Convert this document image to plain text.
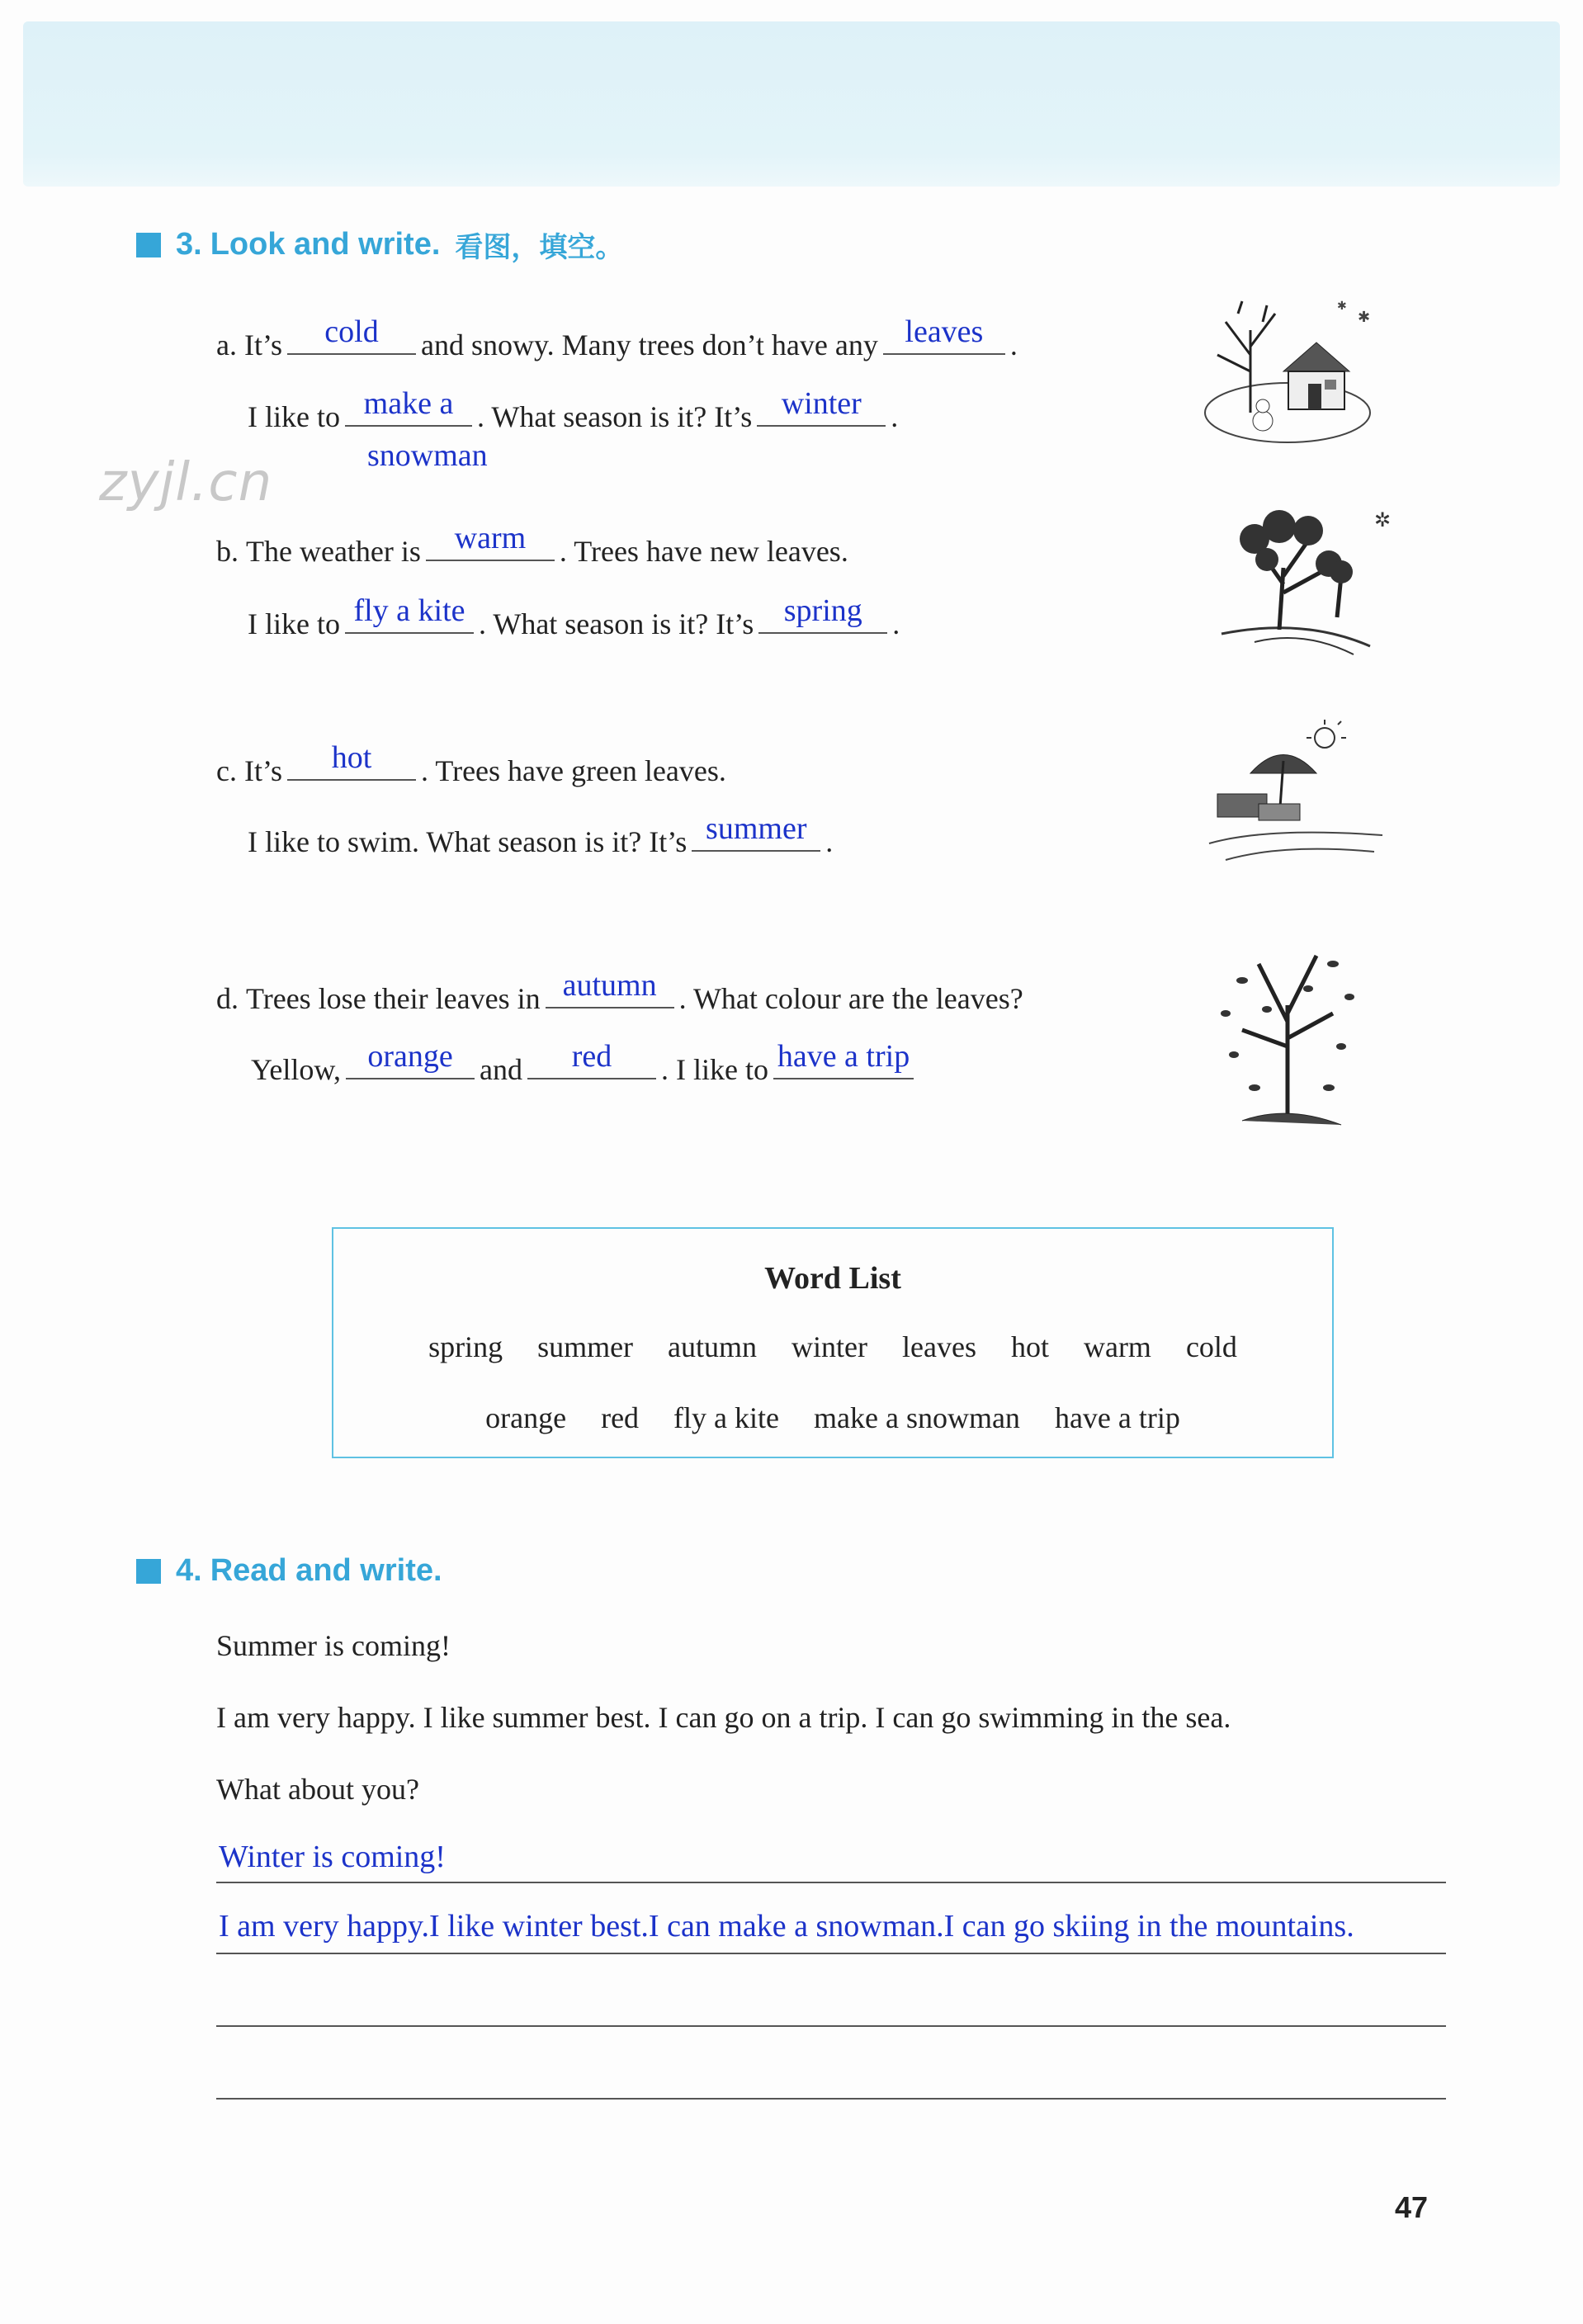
zyjl.cn
3. Look and write. 看图，填空。
a.
It’s	cold	and snowy. Many trees don’t have any leaves .
I like to make a . What season is it? It’s winter .
snowman
b.
The weather is	warm	. Trees have new leaves.
I like to fly a kite . What season is it? It’s spring	.
c.
It’s	hot	. Trees have green leaves.
I like to swim. What season is it? It’s summer .
d.
Trees lose their leaves in autumn . What colour are the leaves?
Yellow, orange and	red	. I like to have a trip
✱
✱
✲
Word List
spring summer autumn winter leaves hot warm cold
orange red fly a kite make a snowman have a trip
4. Read and write.
Summer is coming!
I am very happy. I like summer best. I can go on a trip. I can go swimming in the sea.
What about you?
Winter is coming!
I am very happy.I like winter best.I can make a snowman.I can go skiing in the mountains.
47
